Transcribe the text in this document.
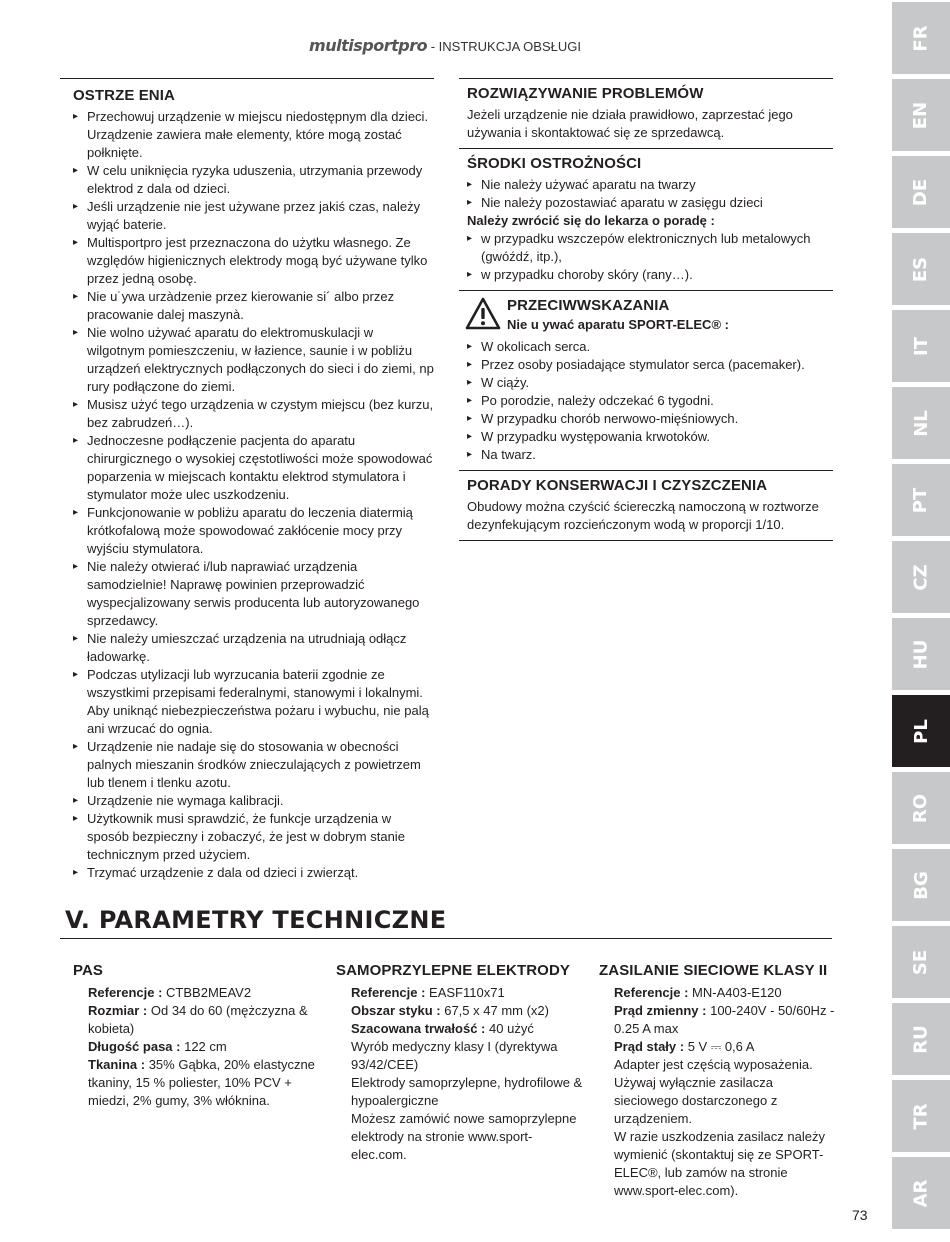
multisportpro - INSTRUKCJA OBSŁUGI
OSTRZE ENIA
▸ Przechowuj urządzenie w miejscu niedostępnym dla dzieci. Urządzenie zawiera małe elementy, które mogą zostać połknięte.
▸ W celu uniknięcia ryzyka uduszenia, utrzymania przewody elektrod z dala od dzieci.
▸ Jeśli urządzenie nie jest używane przez jakiś czas, należy wyjąć baterie.
▸ Multisportpro jest przeznaczona do użytku własnego. Ze względów higienicznych elektrody mogą być używane tylko przez jedną osobę.
▸ Nie u˙ywa urzàdzenie przez kierowanie si´ albo przez pracowanie dalej maszynà.
▸ Nie wolno używać aparatu do elektromuskulacji w wilgotnym pomieszczeniu, w łazience, saunie i w pobliżu urządzeń elektrycznych podłączonych do sieci i do ziemi, np rury podłączone do ziemi.
▸ Musisz użyć tego urządzenia w czystym miejscu (bez kurzu, bez zabrudzeń…).
▸ Jednoczesne podłączenie pacjenta do aparatu chirurgicznego o wysokiej częstotliwości może spowodować poparzenia w miejscach kontaktu elektrod stymulatora i stymulator może ulec uszkodzeniu.
▸ Funkcjonowanie w pobliżu aparatu do leczenia diatermią krótkofalową może spowodować zakłócenie mocy przy wyjściu stymulatora.
▸ Nie należy otwierać i/lub naprawiać urządzenia samodzielnie! Naprawę powinien przeprowadzić wyspecjalizowany serwis producenta lub autoryzowanego sprzedawcy.
▸ Nie należy umieszczać urządzenia na utrudniają odłącz ładowarkę.
▸ Podczas utylizacji lub wyrzucania baterii zgodnie ze wszystkimi przepisami federalnymi, stanowymi i lokalnymi. Aby uniknąć niebezpieczeństwa pożaru i wybuchu, nie palą ani wrzucać do ognia.
▸ Urządzenie nie nadaje się do stosowania w obecności palnych mieszanin środków znieczulających z powietrzem lub tlenem i tlenku azotu.
▸ Urządzenie nie wymaga kalibracji.
▸ Użytkownik musi sprawdzić, że funkcje urządzenia w sposób bezpieczny i zobaczyć, że jest w dobrym stanie technicznym przed użyciem.
▸ Trzymać urządzenie z dala od dzieci i zwierząt.
ROZWIĄZYWANIE PROBLEMÓW
Jeżeli urządzenie nie działa prawidłowo, zaprzestać jego używania i skontaktować się ze sprzedawcą.
ŚRODKI OSTROŻNOŚCI
▸ Nie należy używać aparatu na twarzy
▸ Nie należy pozostawiać aparatu w zasięgu dzieci
Należy zwrócić się do lekarza o poradę :
▸ w przypadku wszczepów elektronicznych lub metalowych (gwóźdź, itp.),
▸ w przypadku choroby skóry (rany…).
PRZECIWWSKAZANIA
Nie u ywać aparatu SPORT-ELEC® :
▸ W okolicach serca.
▸ Przez osoby posiadające stymulator serca (pacemaker).
▸ W ciąży.
▸ Po porodzie, należy odczekać 6 tygodni.
▸ W przypadku chorób nerwowo-mięśniowych.
▸ W przypadku występowania krwotoków.
▸ Na twarz.
PORADY KONSERWACJI I CZYSZCZENIA
Obudowy można czyścić ściereczką namoczoną w roztworze dezynfekującym rozcieńczonym wodą w proporcji 1/10.
V. PARAMETRY TECHNICZNE
PAS
Referencje : CTBB2MEAV2
Rozmiar : Od 34 do 60 (mężczyzna & kobieta)
Długość pasa : 122 cm
Tkanina : 35% Gąbka, 20% elastyczne tkaniny, 15 % poliester, 10% PCV + miedzi, 2% gumy, 3% włóknina.
SAMOPRZYLEPNE ELEKTRODY
Referencje : EASF110x71
Obszar styku : 67,5 x 47 mm (x2)
Szacowana trwałość : 40 użyć
Wyrób medyczny klasy I (dyrektywa 93/42/CEE)
Elektrody samoprzylepne, hydrofilowe & hypoalergiczne
Możesz zamówić nowe samoprzylepne elektrody na stronie www.sport-elec.com.
ZASILANIE SIECIOWE KLASY II
Referencje : MN-A403-E120
Prąd zmienny : 100-240V - 50/60Hz - 0.25 A max
Prąd stały : 5 V ⎓ 0,6 A
Adapter jest częścią wyposażenia.
Używaj wyłącznie zasilacza sieciowego dostarczonego z urządzeniem.
W razie uszkodzenia zasilacz należy wymienić (skontaktuj się ze SPORT-ELEC®, lub zamów na stronie www.sport-elec.com).
FR
EN
DE
ES
IT
NL
PT
CZ
HU
PL
RO
BG
SE
RU
TR
AR
73
